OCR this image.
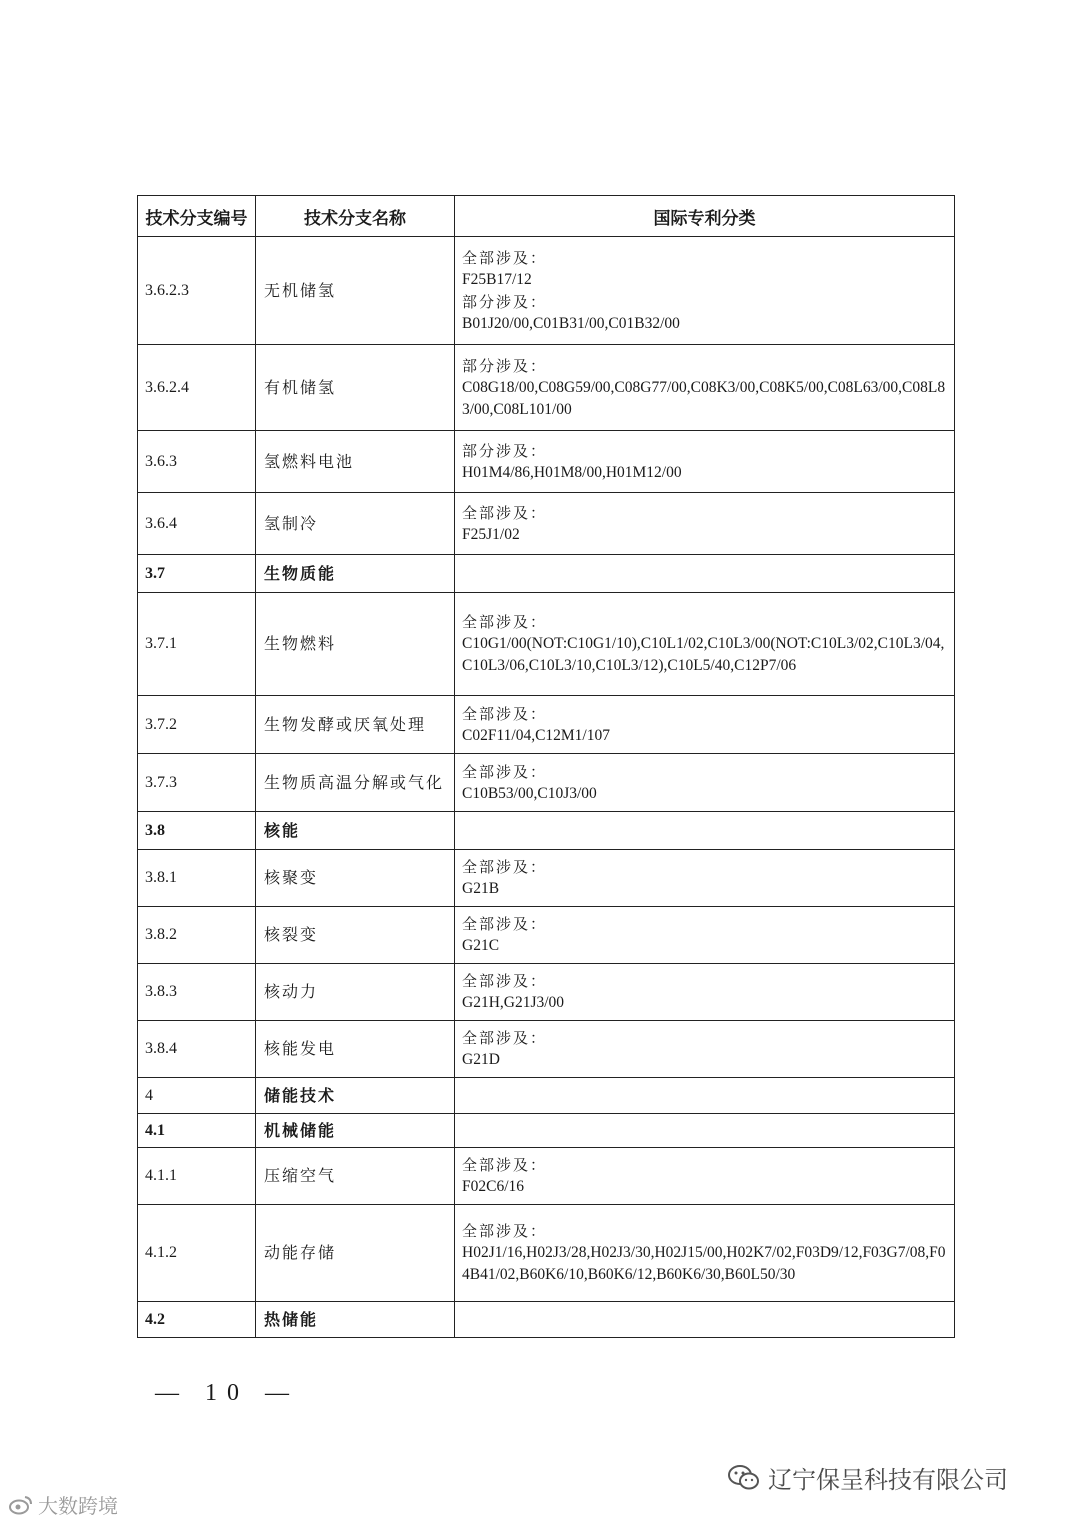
技术分支编号	技术分支名称	国际专利分类
3.6.2.3	无机储氢	全部涉及：
F25B17/12
部分涉及：
B01J20/00,C01B31/00,C01B32/00

3.6.2.4	有机储氢	部分涉及：
C08G18/00,C08G59/00,C08G77/00,C08K3/00,C08K5/00,C08L63/00,C08L83/00,C08L101/00

3.6.3	氢燃料电池	部分涉及：
H01M4/86,H01M8/00,H01M12/00

3.6.4	氢制冷	全部涉及：
F25J1/02

3.7	生物质能	
3.7.1	生物燃料	全部涉及：
C10G1/00(NOT:C10G1/10),C10L1/02,C10L3/00(NOT:C10L3/02,C10L3/04,C10L3/06,C10L3/10,C10L3/12),C10L5/40,C12P7/06

3.7.2	生物发酵或厌氧处理	全部涉及：
C02F11/04,C12M1/107

3.7.3	生物质高温分解或气化	全部涉及：
C10B53/00,C10J3/00

3.8	核能	
3.8.1	核聚变	全部涉及：
G21B

3.8.2	核裂变	全部涉及：
G21C

3.8.3	核动力	全部涉及：
G21H,G21J3/00

3.8.4	核能发电	全部涉及：
G21D

4	储能技术	
4.1	机械储能	
4.1.1	压缩空气	全部涉及：
F02C6/16

4.1.2	动能存储	全部涉及：
H02J1/16,H02J3/28,H02J3/30,H02J15/00,H02K7/02,F03D9/12,F03G7/08,F04B41/02,B60K6/10,B60K6/12,B60K6/30,B60L50/30

4.2	热储能	
— 10 —
大数跨境
辽宁保呈科技有限公司
